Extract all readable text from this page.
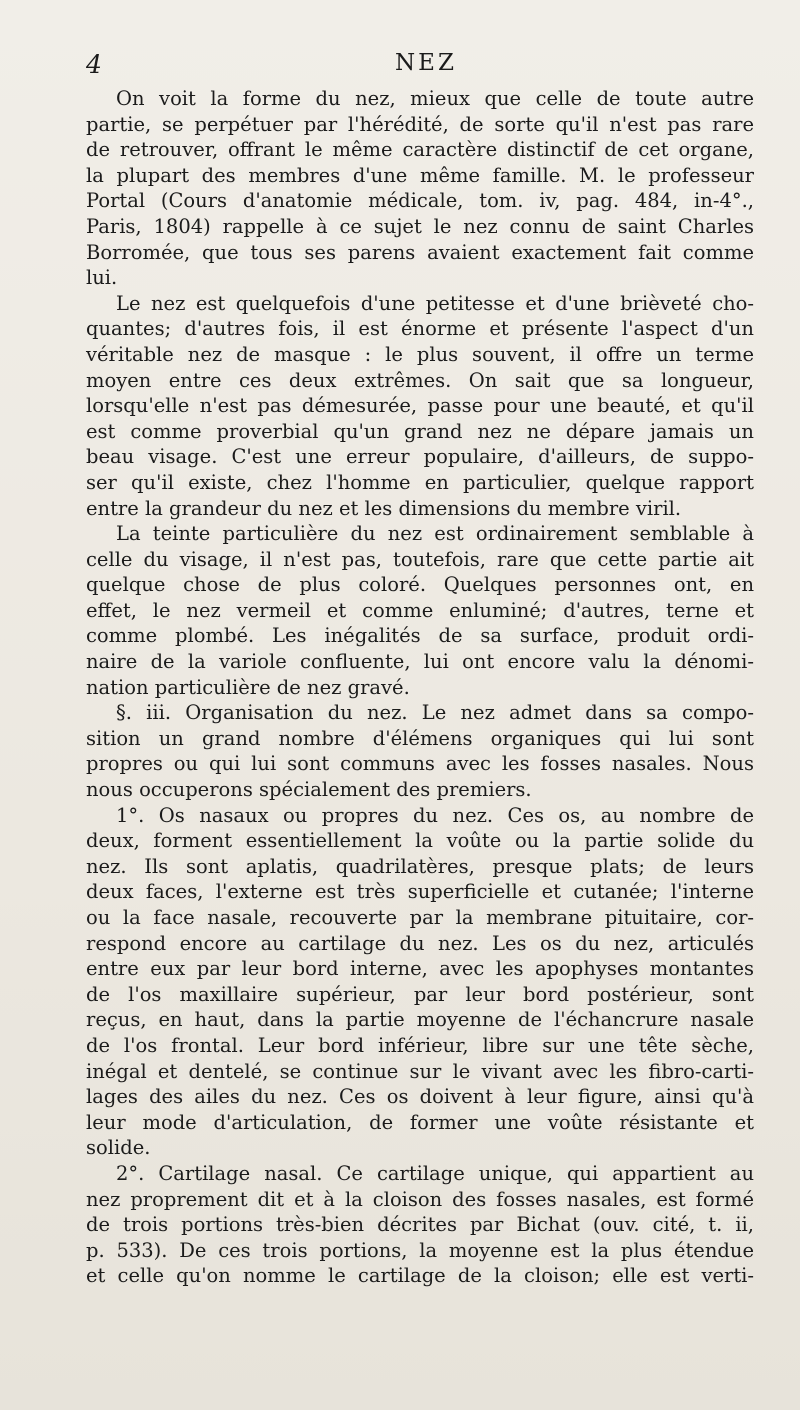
4	NEZ
On voit la forme du nez, mieux que celle de toute autre
partie, se perpétuer par l'hérédité, de sorte qu'il n'est pas rare
de retrouver, offrant le même caractère distinctif de cet organe,
la plupart des membres d'une même famille. M. le professeur
Portal (Cours d'anatomie médicale, tom. iv, pag. 484, in-4°.,
Paris, 1804) rappelle à ce sujet le nez connu de saint Charles
Borromée, que tous ses parens avaient exactement fait comme
lui.
Le nez est quelquefois d'une petitesse et d'une brièveté cho-
quantes; d'autres fois, il est énorme et présente l'aspect d'un
véritable nez de masque : le plus souvent, il offre un terme
moyen entre ces deux extrêmes. On sait que sa longueur,
lorsqu'elle n'est pas démesurée, passe pour une beauté, et qu'il
est comme proverbial qu'un grand nez ne dépare jamais un
beau visage. C'est une erreur populaire, d'ailleurs, de suppo-
ser qu'il existe, chez l'homme en particulier, quelque rapport
entre la grandeur du nez et les dimensions du membre viril.
La teinte particulière du nez est ordinairement semblable à
celle du visage, il n'est pas, toutefois, rare que cette partie ait
quelque chose de plus coloré. Quelques personnes ont, en
effet, le nez vermeil et comme enluminé; d'autres, terne et
comme plombé. Les inégalités de sa surface, produit ordi-
naire de la variole confluente, lui ont encore valu la dénomi-
nation particulière de nez gravé.
§. iii. Organisation du nez. Le nez admet dans sa compo-
sition un grand nombre d'élémens organiques qui lui sont
propres ou qui lui sont communs avec les fosses nasales. Nous
nous occuperons spécialement des premiers.
1°. Os nasaux ou propres du nez. Ces os, au nombre de
deux, forment essentiellement la voûte ou la partie solide du
nez. Ils sont aplatis, quadrilatères, presque plats; de leurs
deux faces, l'externe est très superficielle et cutanée; l'interne
ou la face nasale, recouverte par la membrane pituitaire, cor-
respond encore au cartilage du nez. Les os du nez, articulés
entre eux par leur bord interne, avec les apophyses montantes
de l'os maxillaire supérieur, par leur bord postérieur, sont
reçus, en haut, dans la partie moyenne de l'échancrure nasale
de l'os frontal. Leur bord inférieur, libre sur une tête sèche,
inégal et dentelé, se continue sur le vivant avec les fibro-carti-
lages des ailes du nez. Ces os doivent à leur figure, ainsi qu'à
leur mode d'articulation, de former une voûte résistante et
solide.
2°. Cartilage nasal. Ce cartilage unique, qui appartient au
nez proprement dit et à la cloison des fosses nasales, est formé
de trois portions très-bien décrites par Bichat (ouv. cité, t. ii,
p. 533). De ces trois portions, la moyenne est la plus étendue
et celle qu'on nomme le cartilage de la cloison; elle est verti-
